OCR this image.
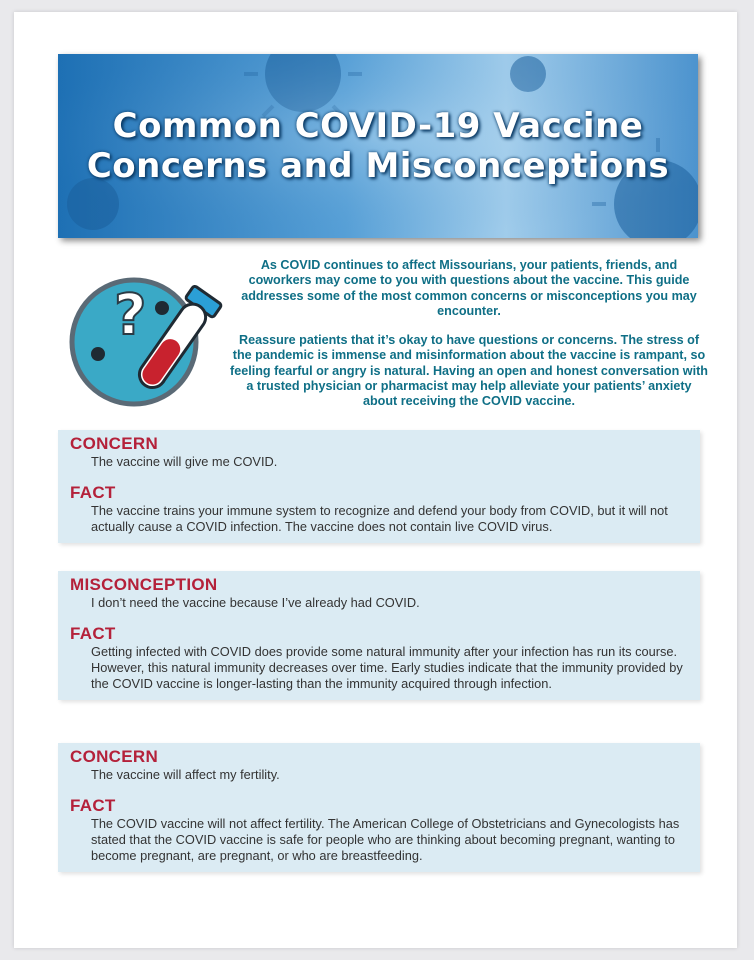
Common COVID-19 Vaccine
Concerns and Misconceptions
?

As COVID continues to affect Missourians, your patients, friends, and coworkers may come to you with questions about the vaccine. This guide addresses some of the most common concerns or misconceptions you may encounter.

Reassure patients that it’s okay to have questions or concerns. The stress of the pandemic is immense and misinformation about the vaccine is rampant, so feeling fearful or angry is natural. Having an open and honest conversation with a trusted physician or pharmacist may help alleviate your patients’ anxiety about receiving the COVID vaccine.

CONCERN
The vaccine will give me COVID.
FACT
The vaccine trains your immune system to recognize and defend your body from COVID, but it will not actually cause a COVID infection. The vaccine does not contain live COVID virus.
MISCONCEPTION
I don’t need the vaccine because I’ve already had COVID.
FACT
Getting infected with COVID does provide some natural immunity after your infection has run its course. However, this natural immunity decreases over time. Early studies indicate that the immunity provided by the COVID vaccine is longer-lasting than the immunity acquired through infection.
CONCERN
The vaccine will affect my fertility.
FACT
The COVID vaccine will not affect fertility. The American College of Obstetricians and Gynecologists has stated that the COVID vaccine is safe for people who are thinking about becoming pregnant, wanting to become pregnant, are pregnant, or who are breastfeeding.
